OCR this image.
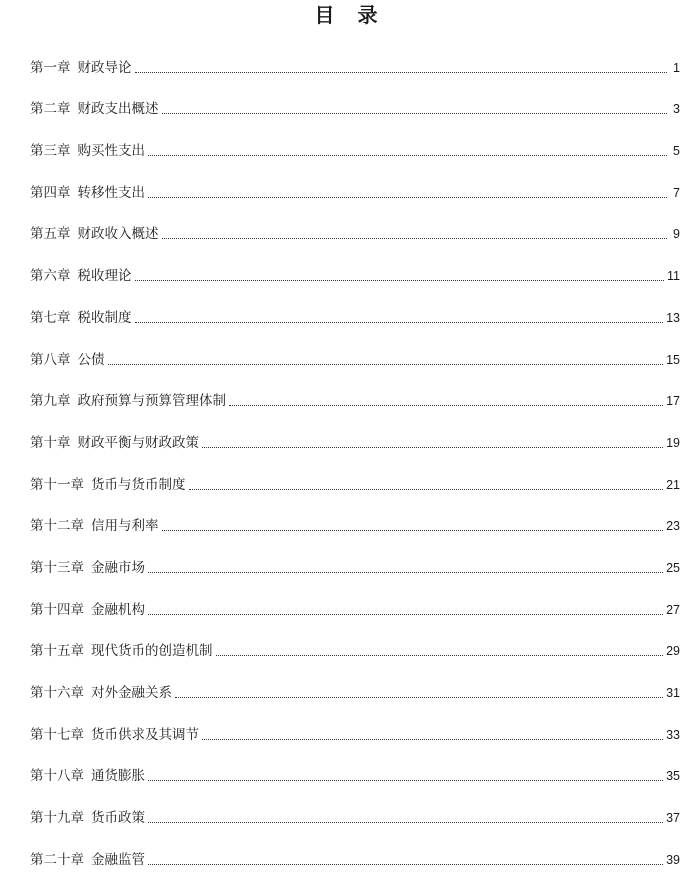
目 录
第一章 财政导论	1
第二章 财政支出概述	3
第三章 购买性支出	5
第四章 转移性支出	7
第五章 财政收入概述	9
第六章 税收理论	11
第七章 税收制度	13
第八章 公债	15
第九章 政府预算与预算管理体制	17
第十章 财政平衡与财政政策	19
第十一章 货币与货币制度	21
第十二章 信用与利率	23
第十三章 金融市场	25
第十四章 金融机构	27
第十五章 现代货币的创造机制	29
第十六章 对外金融关系	31
第十七章 货币供求及其调节	33
第十八章 通货膨胀	35
第十九章 货币政策	37
第二十章 金融监管	39
